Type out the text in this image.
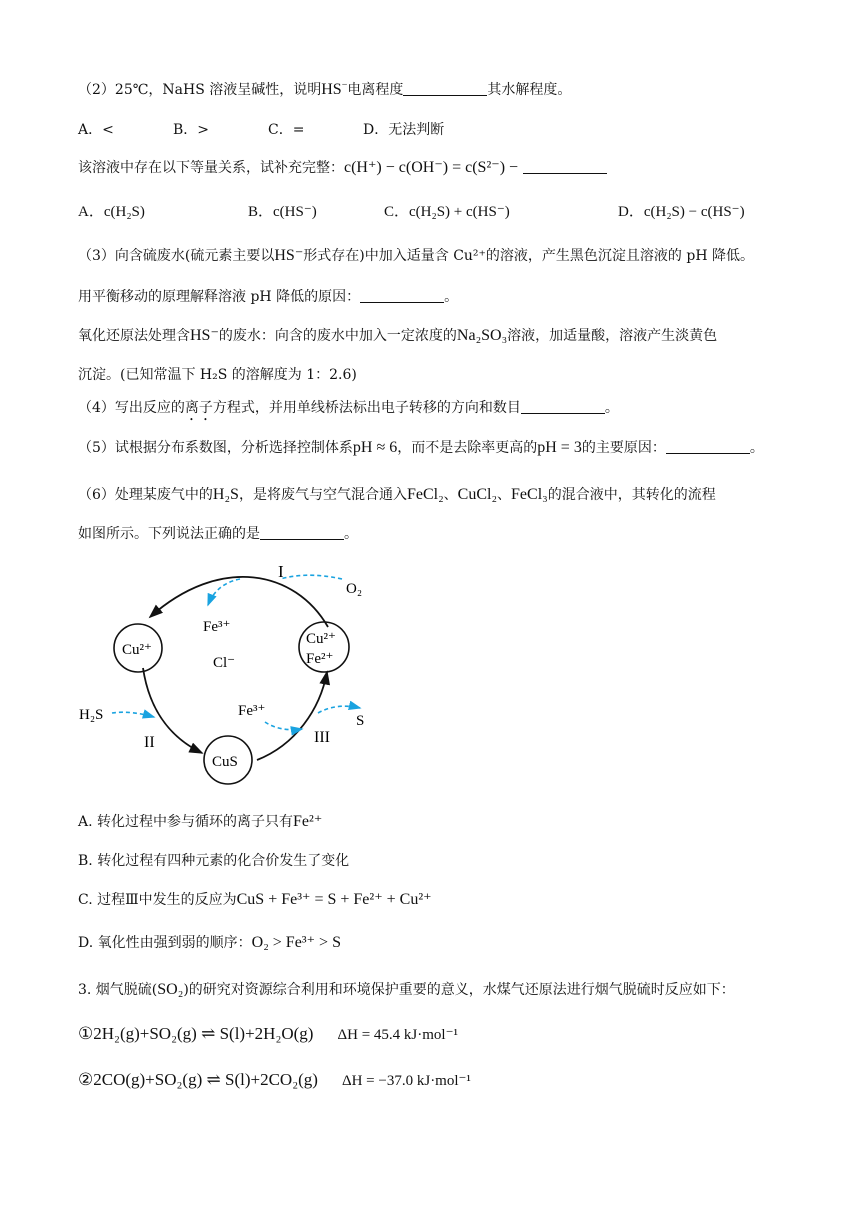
（2）25℃，NaHS 溶液呈碱性，说明HS−电离程度	其水解程度。
A．<	B．>	C．=	D．无法判断
该溶液中存在以下等量关系，试补充完整：c(H⁺) − c(OH⁻) = c(S²⁻) −
A．c(H₂S)	B．c(HS⁻)	C．c(H₂S) + c(HS⁻)	D．c(H₂S) − c(HS⁻)
（3）向含硫废水(硫元素主要以HS⁻形式存在)中加入适量含 Cu²⁺的溶液，产生黑色沉淀且溶液的 pH 降低。
用平衡移动的原理解释溶液 pH 降低的原因：	。
氧化还原法处理含HS⁻的废水：向含的废水中加入一定浓度的Na₂SO₃溶液，加适量酸，溶液产生淡黄色
沉淀。(已知常温下 H₂S 的溶解度为 1：2.6)
（4）写出反应的离子方程式，并用单线桥法标出电子转移的方向和数目	。
（5）试根据分布系数图，分析选择控制体系pH ≈ 6，而不是去除率更高的pH = 3的主要原因：	。
（6）处理某废气中的H₂S，是将废气与空气混合通入FeCl₂、CuCl₂、FeCl₃的混合液中，其转化的流程
如图所示。下列说法正确的是	。
I
O₂
Fe³⁺
Cl⁻
Cu²⁺
Cu²⁺
Fe²⁺
H₂S	Fe³⁺
S
II	III
CuS
A. 转化过程中参与循环的离子只有Fe²⁺
B. 转化过程有四种元素的化合价发生了变化
C. 过程Ⅲ中发生的反应为CuS + Fe³⁺ = S + Fe²⁺ + Cu²⁺
D. 氧化性由强到弱的顺序：O₂ > Fe³⁺ > S
3. 烟气脱硫(SO₂)的研究对资源综合利用和环境保护重要的意义，水煤气还原法进行烟气脱硫时反应如下：
①2H₂(g)+SO₂(g) ⇌ S(l)+2H₂O(g) ΔH = 45.4 kJ·mol⁻¹
②2CO(g)+SO₂(g) ⇌ S(l)+2CO₂(g) ΔH = −37.0 kJ·mol⁻¹
